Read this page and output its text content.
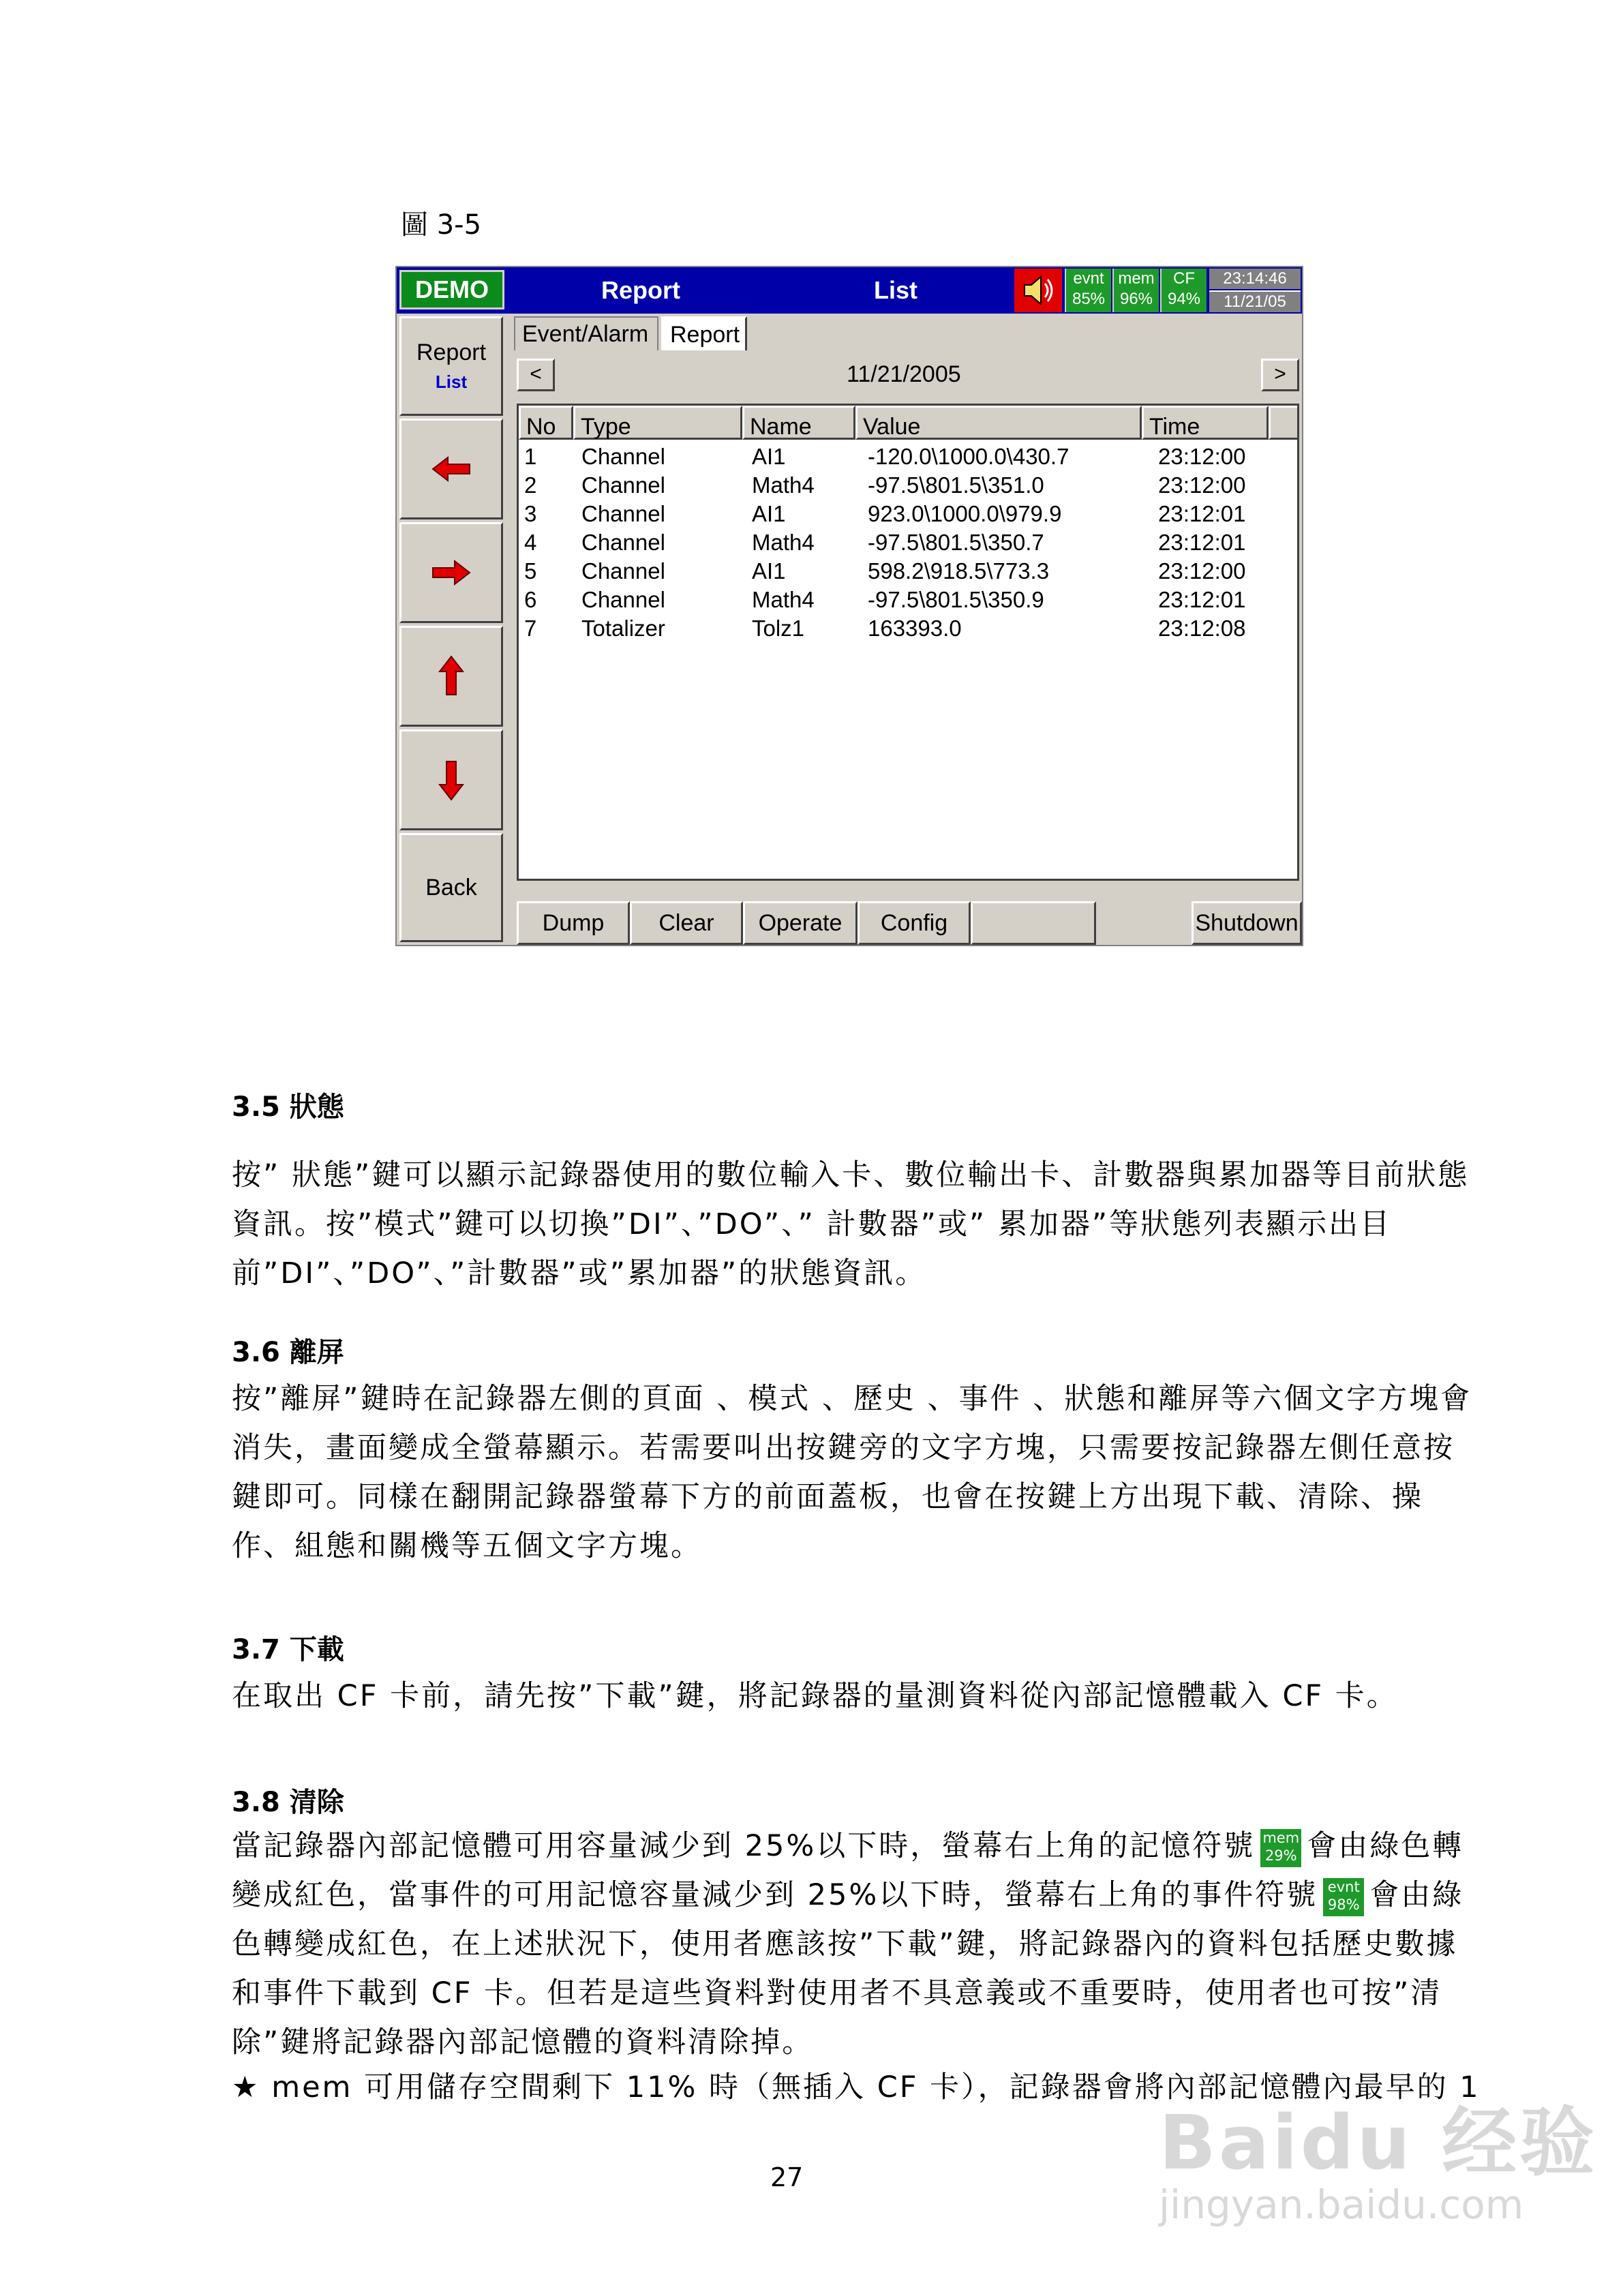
圖 3-5
DEMO	Report	List	evnt
85%
mem
96%
CF
94%
23:14:46
11/21/05
Report
List
Back
Event/Alarm Report
<	11/21/2005	>
No	Type	Name	Value	Time
1 Channel	AI1	-120.0\1000.0\430.7	23:12:00
2 Channel	Math4 -97.5\801.5\351.0	23:12:00
3 Channel	AI1	923.0\1000.0\979.9	23:12:01
4 Channel	Math4 -97.5\801.5\350.7	23:12:01
5 Channel	AI1	598.2\918.5\773.3	23:12:00
6 Channel	Math4 -97.5\801.5\350.9	23:12:01
7 Totalizer	Tolz1	163393.0	23:12:08
Dump	Clear	Operate	Config	Shutdown
3.5 狀態
按” 狀態”鍵可以顯示記錄器使用的數位輸入卡、數位輸出卡、計數器與累加器等目前狀態資訊。按”模式”鍵可以切換”DI”、”DO”、” 計數器”或” 累加器”等狀態列表顯示出目前”DI”、”DO”、”計數器”或”累加器”的狀態資訊。
3.6 離屏
按”離屏”鍵時在記錄器左側的頁面 、模式 、歷史 、事件 、狀態和離屏等六個文字方塊會消失，畫面變成全螢幕顯示。若需要叫出按鍵旁的文字方塊，只需要按記錄器左側任意按鍵即可。同樣在翻開記錄器螢幕下方的前面蓋板，也會在按鍵上方出現下載、清除、操作、組態和關機等五個文字方塊。
3.7 下載
在取出 CF 卡前，請先按”下載”鍵，將記錄器的量測資料從內部記憶體載入 CF 卡。
3.8 清除
當記錄器內部記憶體可用容量減少到 25%以下時，螢幕右上角的記憶符號 mem
29% 會由綠色轉變成紅色，當事件的可用記憶容量減少到 25%以下時，螢幕右上角的事件符號 evnt
98% 會由綠色轉變成紅色，在上述狀況下，使用者應該按”下載”鍵，將記錄器內的資料包括歷史數據和事件下載到 CF 卡。但若是這些資料對使用者不具意義或不重要時，使用者也可按”清除”鍵將記錄器內部記憶體的資料清除掉。
★ mem 可用儲存空間剩下 11% 時（無插入 CF 卡），記錄器會將內部記憶體內最早的 1
27	Baidu 经验
jingyan.baidu.com
